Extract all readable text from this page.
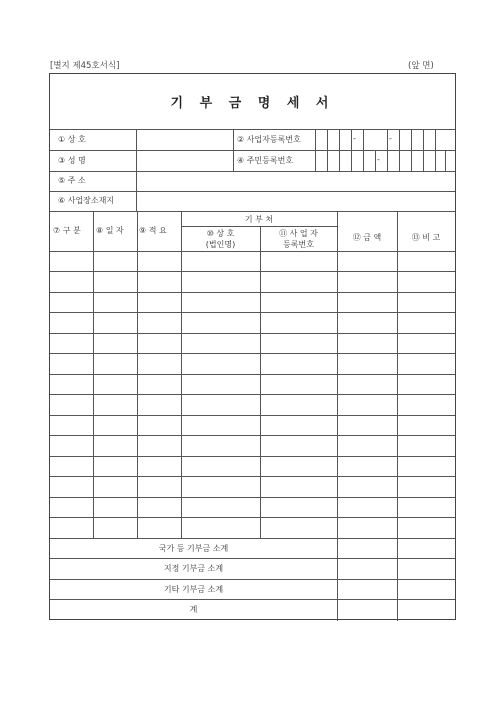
[별지 제45호서식]	(앞 면)
기 부 금 명 세 서
① 상 호	② 사업자등록번호	-	-
③ 성 명	④ 주민등록번호	-
⑤ 주 소
⑥ 사업장소재지
⑦ 구 분 ⑧ 일 자 ⑨ 적 요
기 부 처
⑩ 상 호
(법인명)
⑪ 사 업 자
등록번호
⑫ 금 액	⑬ 비 고
국가 등 기부금 소계
지정 기부금 소계
기타 기부금 소계
계
